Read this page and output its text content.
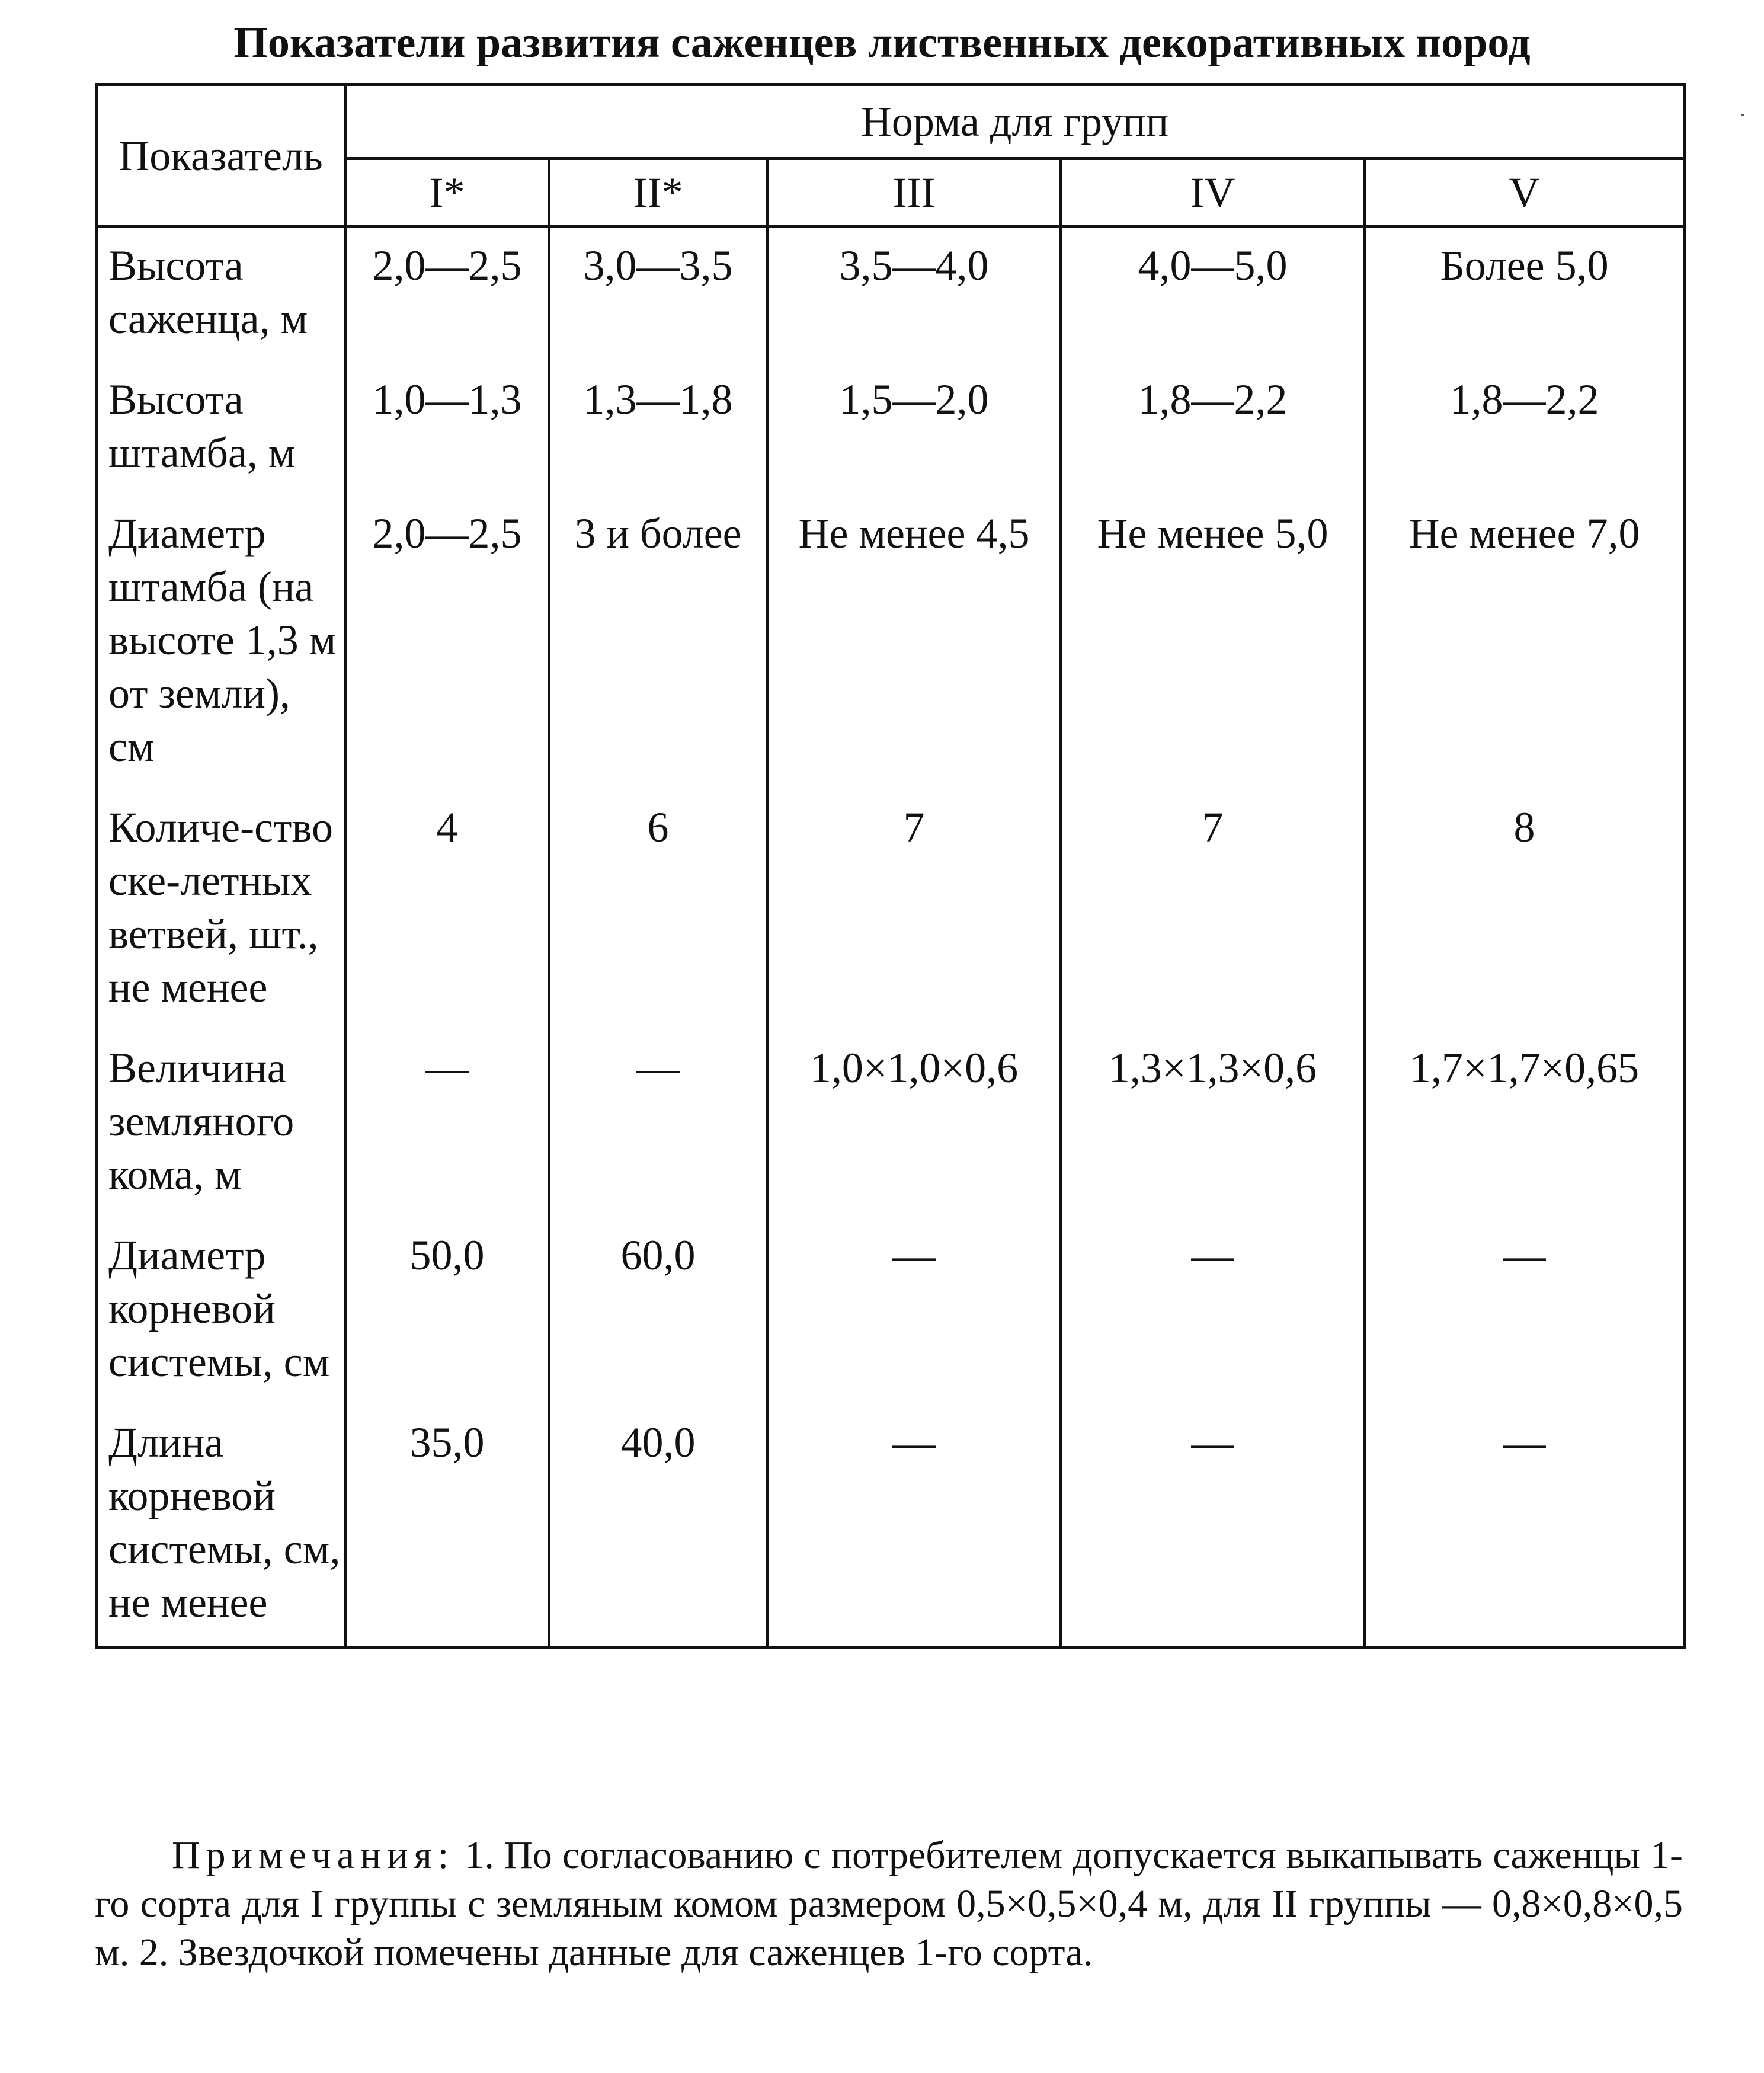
Показатели развития саженцев лиственных декоративных пород
Показатель	Норма для групп				
	I*	II*	III	IV	V
Высота саженца, м	2,0—2,5	3,0—3,5	3,5—4,0	4,0—5,0	Более 5,0
Высота штамба, м	1,0—1,3	1,3—1,8	1,5—2,0	1,8—2,2	1,8—2,2
Диаметр штамба (на высоте 1,3 м от земли), см	2,0—2,5	3 и более	Не менее 4,5	Не менее 5,0	Не менее 7,0
Количе-ство ске-летных ветвей, шт., не менее	4	6	7	7	8
Величина земляного кома, м	—	—	1,0×1,0×0,6	1,3×1,3×0,6	1,7×1,7×0,65
Диаметр корневой системы, см	50,0	60,0	—	—	—
Длина корневой системы, см, не менее	35,0	40,0	—	—	—
Примечания: 1. По согласованию с потребителем допускается выкапывать саженцы 1-го сорта для I группы с земляным комом размером 0,5×0,5×0,4 м, для II группы — 0,8×0,8×0,5 м. 2. Звездочкой помечены данные для саженцев 1-го сорта.
